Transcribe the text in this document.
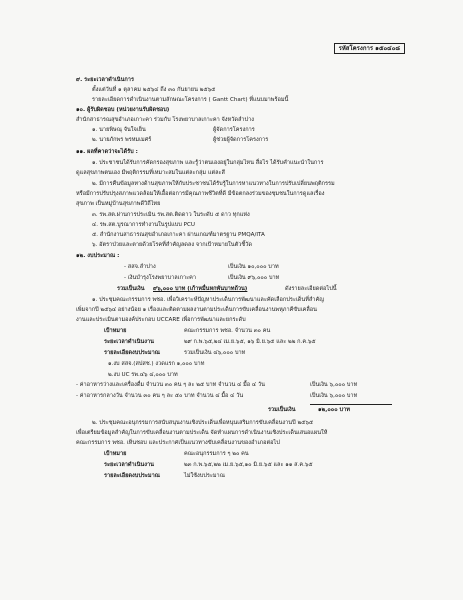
รหัสโครงการ ๑๕๐๔๐๘
๙. ระยะเวลาดำเนินการ
ตั้งแต่วันที่ ๑ ตุลาคม ๒๕๖๔ ถึง ๓๐ กันยายน ๒๕๖๕
รายละเอียดการดำเนินงานตามลักษณะโครงการ ( Gantt Chart) ที่แนบมาพร้อมนี้
๑๐. ผู้รับผิดชอบ (หน่วยงานรับผิดชอบ)
สำนักสาธารณสุขอำเภอเกาะคา ร่วมกับ โรงพยาบาลเกาะคา จังหวัดลำปาง
๑. นายพิษณุ จันใจเย็น	ผู้จัดการโครงการ
๒. นายภักพร พรหมเมศร์	ผู้ช่วยผู้จัดการโครงการ
๑๑. ผลที่คาดว่าจะได้รับ :
๑. ประชาชนได้รับการคัดกรองสุขภาพ และรู้ว่าตนเองอยู่ในกลุ่มไหน สื่อไร ได้รับคำแนะนำในการ
ดูแลสุขภาพตนเอง มีพฤติกรรมที่เหมาะสมในแต่ละกลุ่ม แต่ละสี
๒. มีการคืนข้อมูลทางด้านสุขภาพให้กับประชาชนได้รับรู้ในการหาแนวทางในการปรับเปลี่ยนพฤติกรรม
หรือมีการปรับปรุงสภาพแวดล้อมให้เอื้อต่อการมีคุณภาพชีวิตที่ดี มีข้อตกลงร่วมของชุมชนในการดูแลเรื่อง
สุขภาพ เป็นหมู่บ้านสุขภาพดีวิถีไทย
๓. รพ.สต.ผ่านการประเมิน รพ.สต.ติดดาว ในระดับ ๕ ดาว ทุกแห่ง
๔. รพ.สต.บูรณาการทำงานในรูปแบบ PCU
๕. สำนักงานสาธารณสุขอำเภอเกาะคา ผ่านเกณฑ์มาตรฐาน PMQA/ITA
๖. อัตราป่วยและตายด้วยโรคที่สำคัญลดลง จากเป้าหมายในตัวชี้วัด
๑๒. งบประมาณ :
- สสจ.ลำปาง	เป็นเงิน ๑๐,๐๐๐ บาท
- เงินบำรุงโรงพยาบาลเกาะคา	เป็นเงิน ๙๖,๐๐๐ บาท
รวมเป็นเงิน ๙๖,๐๐๐ บาท (เก้าหมื่นหกพันบาทถ้วน)	ดังรายละเอียดต่อไปนี้
๑. ประชุมคณะกรรมการ พชอ. เพื่อวิเคราะห์ปัญหาประเด็นการพัฒนาและคัดเลือกประเด็นที่สำคัญ
เพิ่มจากปี ๒๕๖๔ อย่างน้อย ๑ เรื่องและติดตามผลงานตามประเด็นการขับเคลื่อนงานพหุภาคีขับเคลื่อน
งานและประเมินตามองค์ประกอบ UCCARE เพื่อการพัฒนาและยกระดับ
เป้าหมาย	คณะกรรมการ พชอ. จำนวน ๓๐ คน
ระยะเวลาดำเนินงาน	๒๙ ก.พ.๖๕,๒๔ เม.ย.๖๕, ๑๖ มิ.ย.๖๕ และ ๒๒ ก.ค.๖๕
รายละเอียดงบประมาณ	รวมเป็นเงิน ๔๖,๐๐๐ บาท
๑.งบ สสจ.(สปสช.) งวดแรก ๑,๐๐๐ บาท
๒.งบ UC รพ.๔๖ ๔,๐๐๐ บาท
- ค่าอาหารว่างและเครื่องดื่ม จำนวน ๓๐ คน ๆ ละ ๒๕ บาท จำนวน ๔ มื้อ ๔ วัน	เป็นเงิน ๖,๐๐๐ บาท
- ค่าอาหารกลางวัน จำนวน ๓๐ คน ๆ ละ ๕๐ บาท จำนวน ๔ มื้อ ๔ วัน	เป็นเงิน ๖,๐๐๐ บาท
รวมเป็นเงิน	๑๒,๐๐๐ บาท
๒. ประชุมคณะอนุกรรมการสนับสนุนงานเชิงประเด็นเพื่อหนุนเสริมการขับเคลื่อนงานปี ๒๕๖๕
เพื่อเตรียมข้อมูลสำคัญในการขับเคลื่อนงานตามประเด็น จัดทำแผนการดำเนินงานเชิงประเด็นเสนอแผนให้
คณะกรรมการ พชอ. เห็นชอบ และประกาศเป็นแนวทางขับเคลื่อนงานของอำเภอต่อไป
เป้าหมาย	คณะอนุกรรมการ ๆ ๒๐ คน
ระยะเวลาดำเนินงาน	๒๓ ก.พ.๖๕,๒๒ เม.ย.๖๕,๑๐ มิ.ย.๖๕ และ ๑๑ ส.ค.๖๕
รายละเอียดงบประมาณ	ไม่ใช้งบประมาณ
